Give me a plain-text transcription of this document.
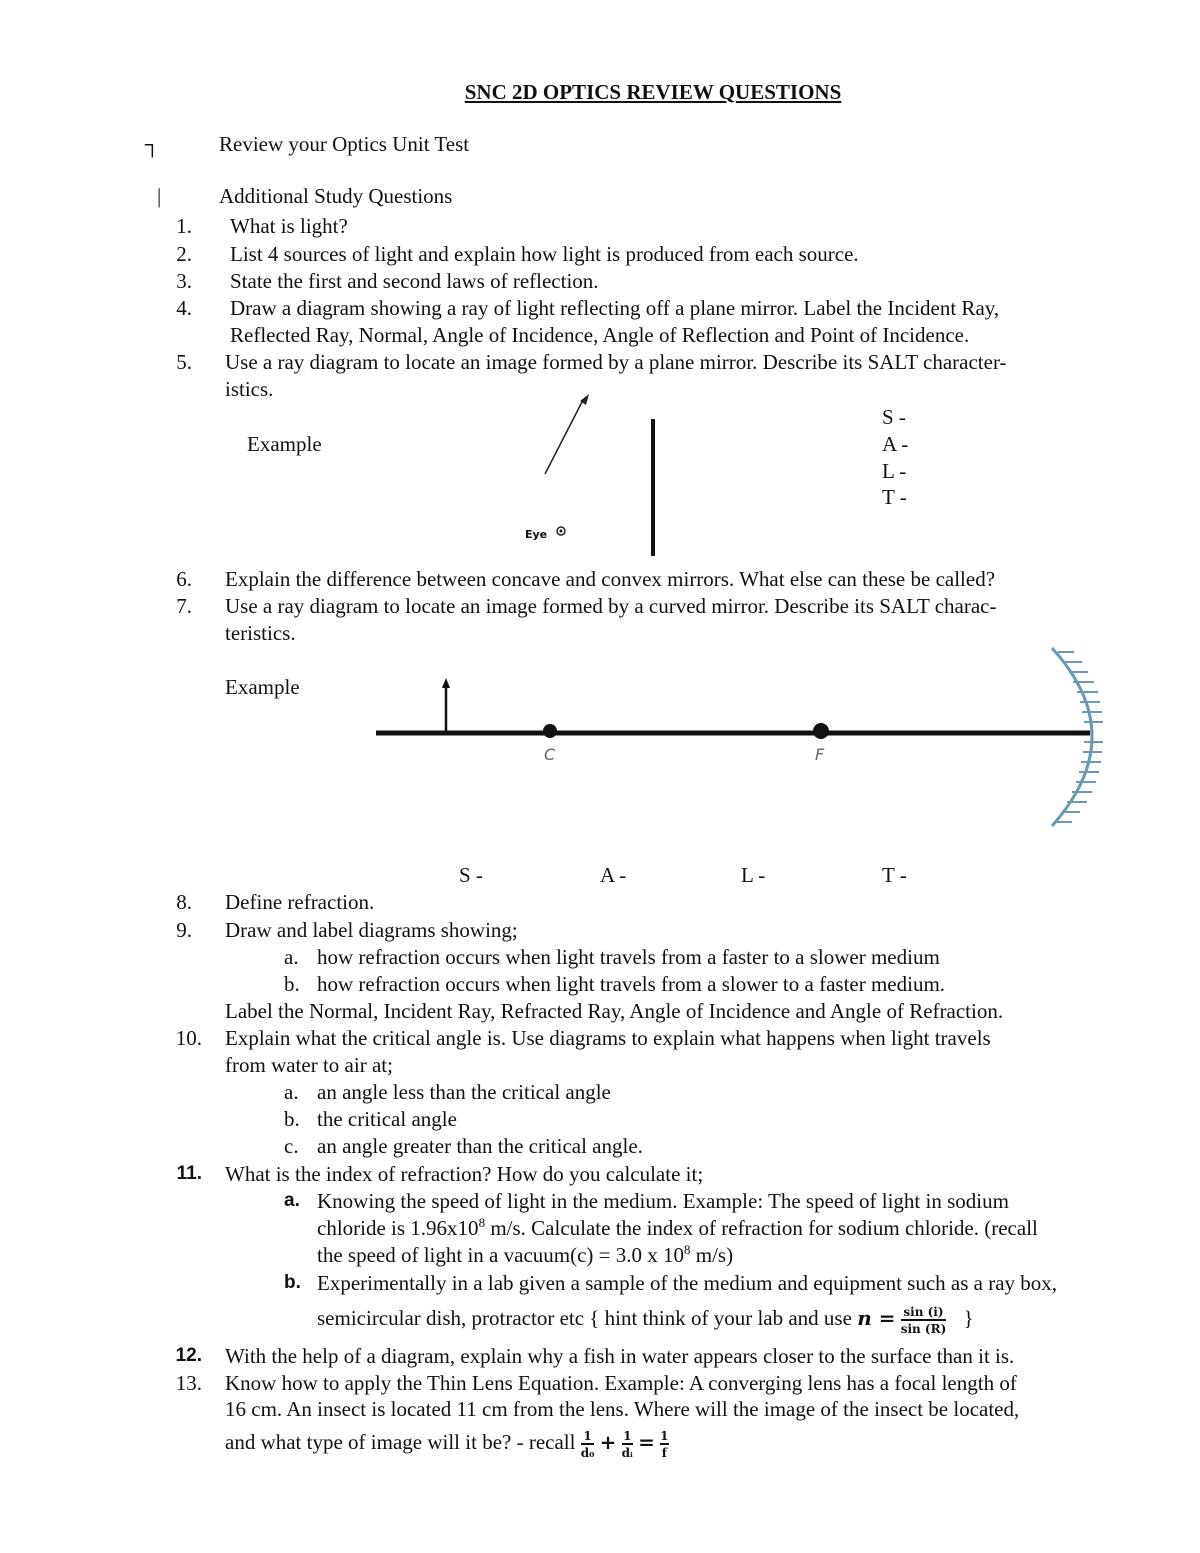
SNC 2D OPTICS REVIEW QUESTIONS
┐	Review your Optics Unit Test
|	Additional Study Questions
1. What is light?
2. List 4 sources of light and explain how light is produced from each source.
3. State the first and second laws of reflection.
4. Draw a diagram showing a ray of light reflecting off a plane mirror. Label the Incident Ray,
Reflected Ray, Normal, Angle of Incidence, Angle of Reflection and Point of Incidence.
5. Use a ray diagram to locate an image formed by a plane mirror. Describe its SALT character-
istics.
Example
S -
A -
L -
T -
Eye
C	F
6. Explain the difference between concave and convex mirrors. What else can these be called?
7. Use a ray diagram to locate an image formed by a curved mirror. Describe its SALT charac-
teristics.
Example
S -	A -	L -	T -
8. Define refraction.
9. Draw and label diagrams showing;
a. how refraction occurs when light travels from a faster to a slower medium
b. how refraction occurs when light travels from a slower to a faster medium.
Label the Normal, Incident Ray, Refracted Ray, Angle of Incidence and Angle of Refraction.
10. Explain what the critical angle is. Use diagrams to explain what happens when light travels
from water to air at;
a. an angle less than the critical angle
b. the critical angle
c. an angle greater than the critical angle.
11. What is the index of refraction? How do you calculate it;
a. Knowing the speed of light in the medium. Example: The speed of light in sodium
chloride is $1.96x10^8$ m/s. Calculate the index of refraction for sodium chloride. (recall
the speed of light in a vacuum(c) = 3.0 x $10^8$ m/s)
b. Experimentally in a lab given a sample of the medium and equipment such as a ray box,
semicircular dish, protractor etc { hint think of your lab and use $n = \frac{\sin (i)}{\sin (R)}$ }
12. With the help of a diagram, explain why a fish in water appears closer to the surface than it is.
13. Know how to apply the Thin Lens Equation. Example: A converging lens has a focal length of
16 cm. An insect is located 11 cm from the lens. Where will the image of the insect be located,
and what type of image will it be? - recall $\frac{1}{\text{d₀}} + \frac{1}{\text{dᵢ}} = \frac{1}{f}$
